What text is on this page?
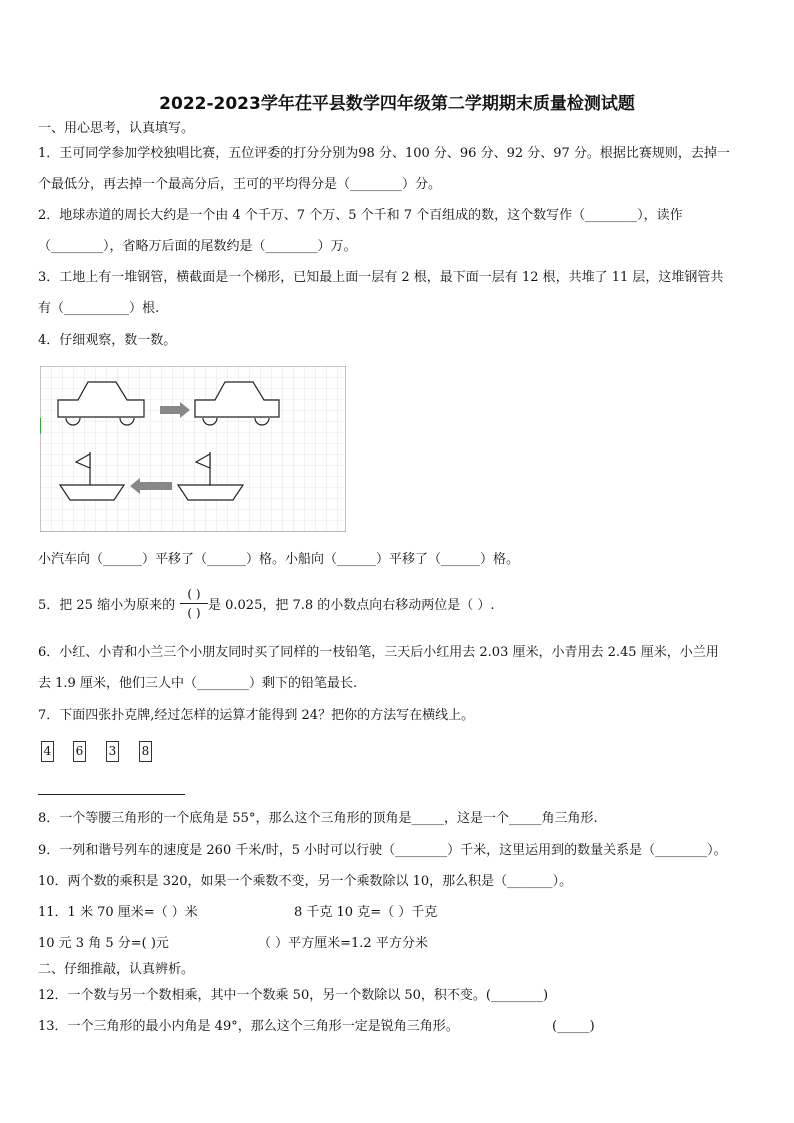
2022-2023学年茌平县数学四年级第二学期期末质量检测试题
一、用心思考，认真填写。
1．王可同学参加学校独唱比赛，五位评委的打分分别为98 分、100 分、96 分、92 分、97 分。根据比赛规则，去掉一
个最低分，再去掉一个最高分后，王可的平均得分是（________）分。
2．地球赤道的周长大约是一个由 4 个千万、7 个万、5 个千和 7 个百组成的数，这个数写作（________），读作
（________），省略万后面的尾数约是（________）万。
3．工地上有一堆钢管，横截面是一个梯形，已知最上面一层有 2 根，最下面一层有 12 根，共堆了 11 层，这堆钢管共
有（__________）根.
4．仔细观察，数一数。
小汽车向（______）平移了（______）格。小船向（______）平移了（______）格。
5．把 25 缩小为原来的
( )
( ) 是 0.025，把 7.8 的小数点向右移动两位是（ ）.
6．小红、小青和小兰三个小朋友同时买了同样的一枝铅笔，三天后小红用去 2.03 厘米，小青用去 2.45 厘米，小兰用
去 1.9 厘米，他们三人中（________）剩下的铅笔最长.
7．下面四张扑克牌,经过怎样的运算才能得到 24？把你的方法写在横线上。
4 6 3 8
8．一个等腰三角形的一个底角是 55°，那么这个三角形的顶角是_____，这是一个_____角三角形.
9．一列和谐号列车的速度是 260 千米/时，5 小时可以行驶（________）千米，这里运用到的数量关系是（________）。
10．两个数的乘积是 320，如果一个乘数不变，另一个乘数除以 10，那么积是（_______）。
11．1 米 70 厘米=（ ）米	8 千克 10 克=（ ）千克
10 元 3 角 5 分=( )元	（ ）平方厘米=1.2 平方分米
二、仔细推敲，认真辨析。
12．一个数与另一个数相乘，其中一个数乘 50，另一个数除以 50，积不变。(________)
13．一个三角形的最小内角是 49°，那么这个三角形一定是锐角三角形。	(_____)
